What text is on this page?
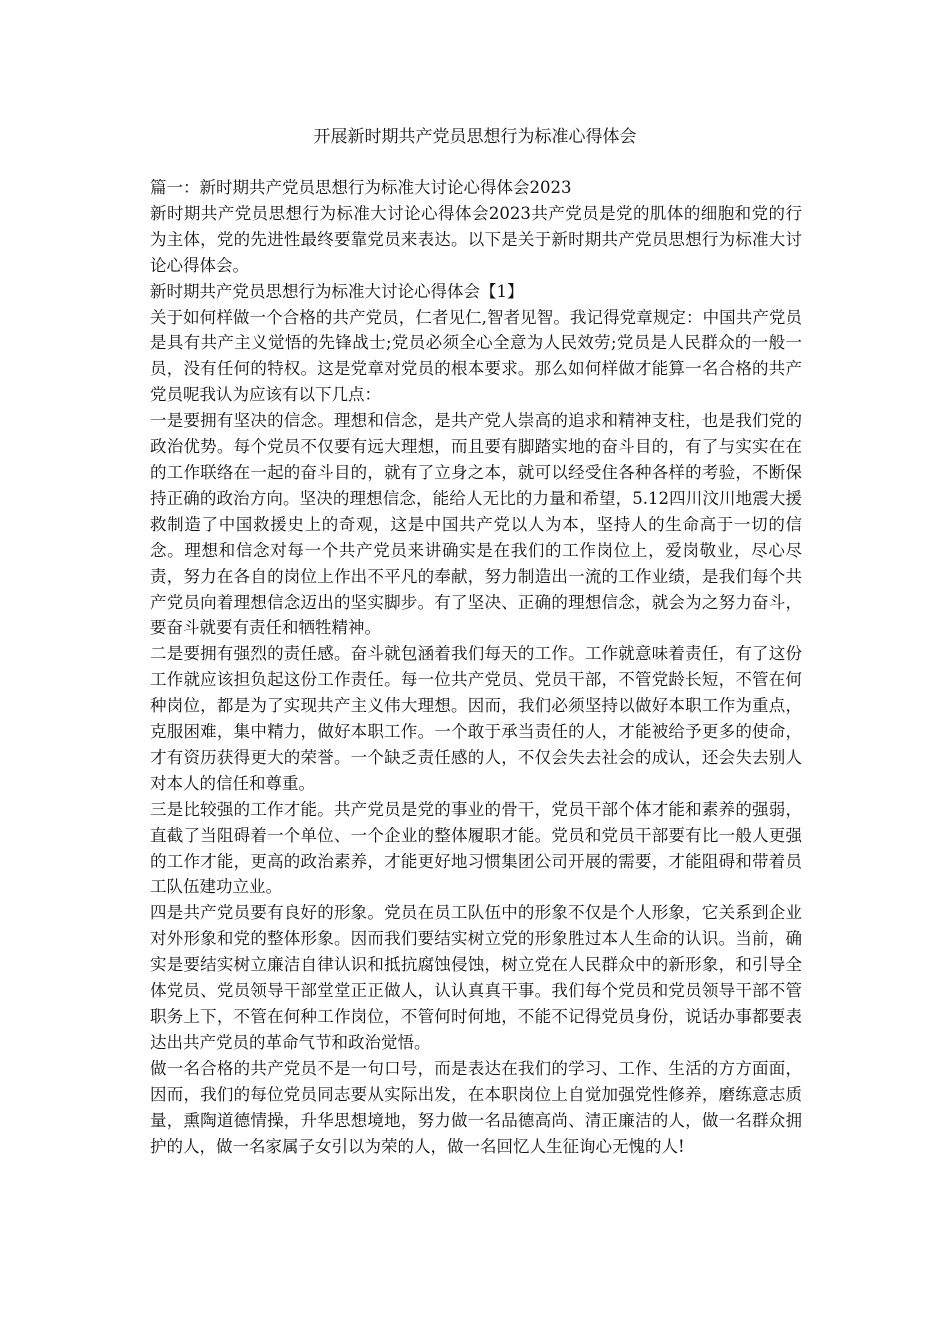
开展新时期共产党员思想行为标准心得体会

篇一：新时期共产党员思想行为标准大讨论心得体会2023

新时期共产党员思想行为标准大讨论心得体会2023共产党员是党的肌体的细胞和党的行为主体，党的先进性最终要靠党员来表达。以下是关于新时期共产党员思想行为标准大讨论心得体会。

新时期共产党员思想行为标准大讨论心得体会【1】

关于如何样做一个合格的共产党员，仁者见仁,智者见智。我记得党章规定：中国共产党员是具有共产主义觉悟的先锋战士;党员必须全心全意为人民效劳;党员是人民群众的一般一员，没有任何的特权。这是党章对党员的根本要求。那么如何样做才能算一名合格的共产党员呢我认为应该有以下几点：

一是要拥有坚决的信念。理想和信念，是共产党人崇高的追求和精神支柱，也是我们党的政治优势。每个党员不仅要有远大理想，而且要有脚踏实地的奋斗目的，有了与实实在在的工作联络在一起的奋斗目的，就有了立身之本，就可以经受住各种各样的考验，不断保持正确的政治方向。坚决的理想信念，能给人无比的力量和希望，5.12四川汶川地震大援救制造了中国救援史上的奇观，这是中国共产党以人为本，坚持人的生命高于一切的信念。理想和信念对每一个共产党员来讲确实是在我们的工作岗位上，爱岗敬业，尽心尽责，努力在各自的岗位上作出不平凡的奉献，努力制造出一流的工作业绩，是我们每个共产党员向着理想信念迈出的坚实脚步。有了坚决、正确的理想信念，就会为之努力奋斗，要奋斗就要有责任和牺牲精神。

二是要拥有强烈的责任感。奋斗就包涵着我们每天的工作。工作就意味着责任，有了这份工作就应该担负起这份工作责任。每一位共产党员、党员干部，不管党龄长短，不管在何种岗位，都是为了实现共产主义伟大理想。因而，我们必须坚持以做好本职工作为重点，克服困难，集中精力，做好本职工作。一个敢于承当责任的人，才能被给予更多的使命，才有资历获得更大的荣誉。一个缺乏责任感的人，不仅会失去社会的成认，还会失去别人对本人的信任和尊重。

三是比较强的工作才能。共产党员是党的事业的骨干，党员干部个体才能和素养的强弱，直截了当阻碍着一个单位、一个企业的整体履职才能。党员和党员干部要有比一般人更强的工作才能，更高的政治素养，才能更好地习惯集团公司开展的需要，才能阻碍和带着员工队伍建功立业。

四是共产党员要有良好的形象。党员在员工队伍中的形象不仅是个人形象，它关系到企业对外形象和党的整体形象。因而我们要结实树立党的形象胜过本人生命的认识。当前，确实是要结实树立廉洁自律认识和抵抗腐蚀侵蚀，树立党在人民群众中的新形象，和引导全体党员、党员领导干部堂堂正正做人，认认真真干事。我们每个党员和党员领导干部不管职务上下，不管在何种工作岗位，不管何时何地，不能不记得党员身份，说话办事都要表达出共产党员的革命气节和政治觉悟。

做一名合格的共产党员不是一句口号，而是表达在我们的学习、工作、生活的方方面面，因而，我们的每位党员同志要从实际出发，在本职岗位上自觉加强党性修养，磨练意志质量，熏陶道德情操，升华思想境地，努力做一名品德高尚、清正廉洁的人，做一名群众拥护的人，做一名家属子女引以为荣的人，做一名回忆人生征询心无愧的人!
